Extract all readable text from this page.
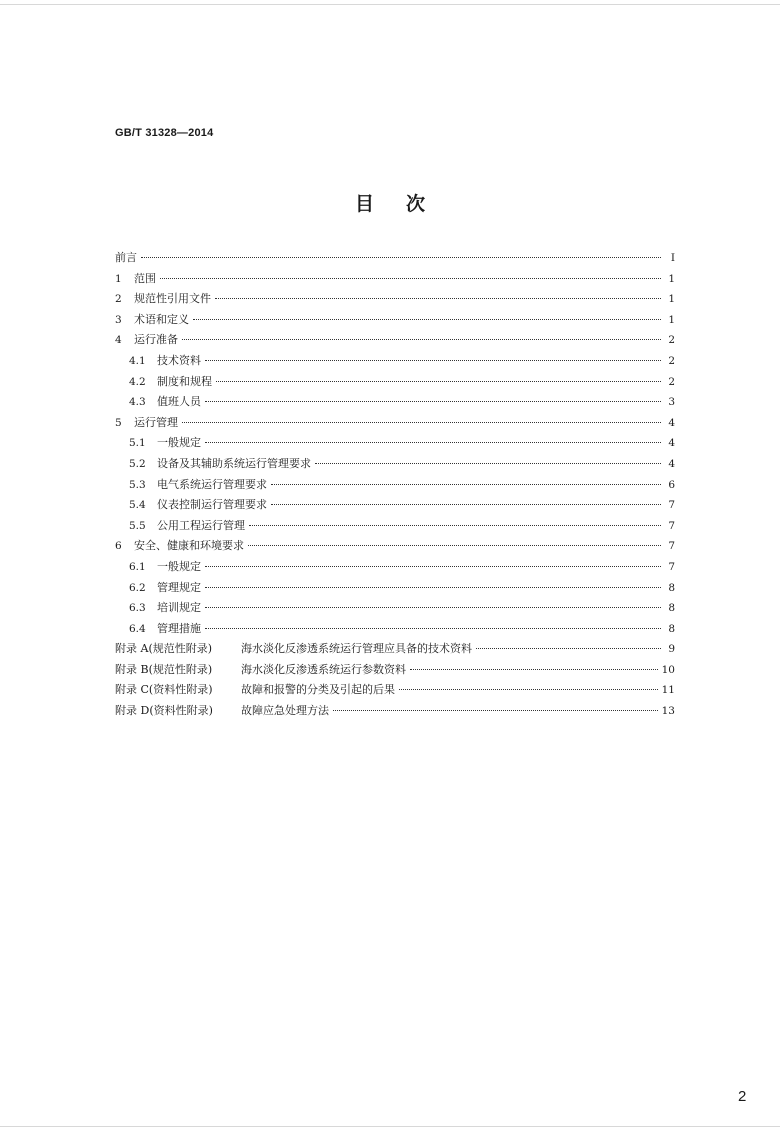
GB/T 31328—2014
目 次
前言	I
1	范围	1
2	规范性引用文件	1
3	术语和定义	1
4	运行准备	2
4.1	技术资料	2
4.2	制度和规程	2
4.3	值班人员	3
5	运行管理	4
5.1	一般规定	4
5.2	设备及其辅助系统运行管理要求	4
5.3	电气系统运行管理要求	6
5.4	仪表控制运行管理要求	7
5.5	公用工程运行管理	7
6	安全、健康和环境要求	7
6.1	一般规定	7
6.2	管理规定	8
6.3	培训规定	8
6.4	管理措施	8
附录 A(规范性附录)	海水淡化反渗透系统运行管理应具备的技术资料	9
附录 B(规范性附录)	海水淡化反渗透系统运行参数资料	10
附录 C(资料性附录)	故障和报警的分类及引起的后果	11
附录 D(资料性附录)	故障应急处理方法	13
2
